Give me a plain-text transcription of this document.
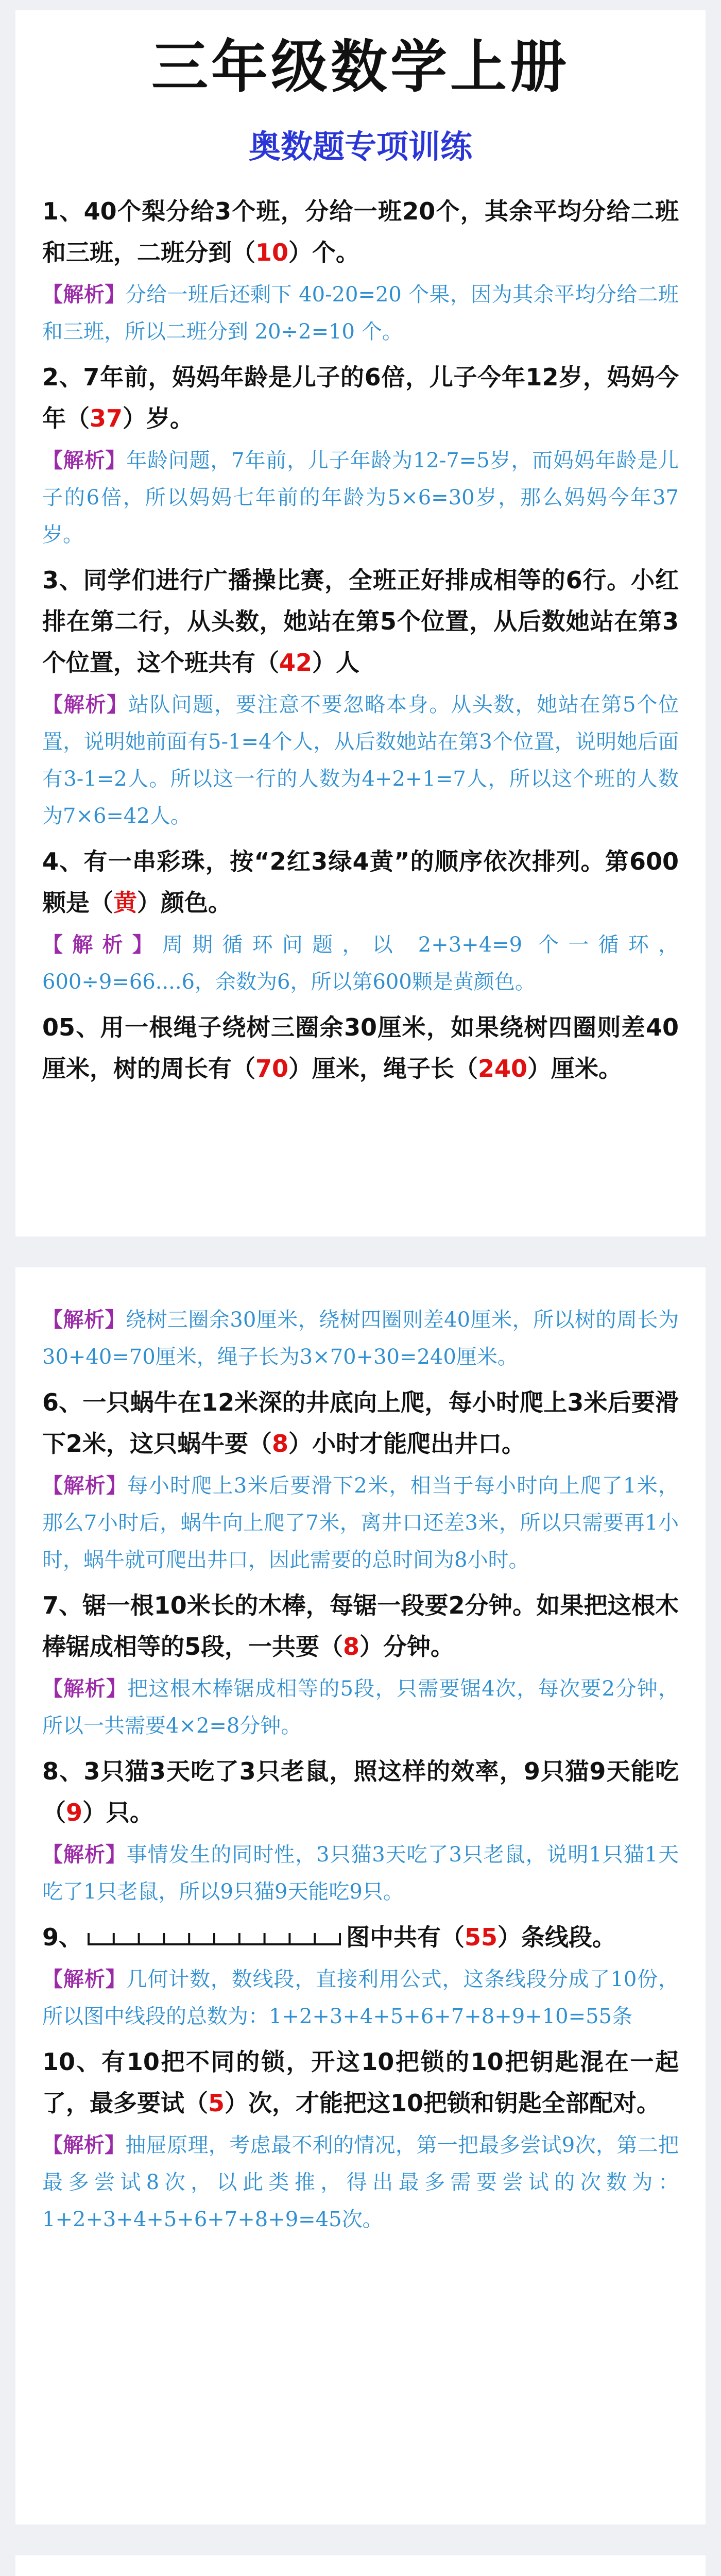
三年级数学上册
奥数题专项训练
1、40个梨分给3个班，分给一班20个，其余平均分给二班和三班，二班分到（10）个。
【解析】分给一班后还剩下 40-20=20 个果，因为其余平均分给二班和三班，所以二班分到 20÷2=10 个。
2、7年前，妈妈年龄是儿子的6倍，儿子今年12岁，妈妈今年（37）岁。
【解析】年龄问题，7年前，儿子年龄为12-7=5岁，而妈妈年龄是儿子的6倍，所以妈妈七年前的年龄为5×6=30岁，那么妈妈今年37岁。
3、同学们进行广播操比赛，全班正好排成相等的6行。小红排在第二行，从头数，她站在第5个位置，从后数她站在第3个位置，这个班共有（42）人
【解析】站队问题，要注意不要忽略本身。从头数，她站在第5个位置，说明她前面有5-1=4个人，从后数她站在第3个位置，说明她后面有3-1=2人。所以这一行的人数为4+2+1=7人，所以这个班的人数为7×6=42人。
4、有一串彩珠，按“2红3绿4黄”的顺序依次排列。第600颗是（黄）颜色。
【解析】周期循环问题，以 2+3+4=9 个一循环，600÷9=66....6，余数为6，所以第600颗是黄颜色。
05、用一根绳子绕树三圈余30厘米，如果绕树四圈则差40厘米，树的周长有（70）厘米，绳子长（240）厘米。
【解析】绕树三圈余30厘米，绕树四圈则差40厘米，所以树的周长为30+40=70厘米，绳子长为3×70+30=240厘米。
6、一只蜗牛在12米深的井底向上爬，每小时爬上3米后要滑下2米，这只蜗牛要（8）小时才能爬出井口。
【解析】每小时爬上3米后要滑下2米，相当于每小时向上爬了1米，那么7小时后，蜗牛向上爬了7米，离井口还差3米，所以只需要再1小时，蜗牛就可爬出井口，因此需要的总时间为8小时。
7、锯一根10米长的木棒，每锯一段要2分钟。如果把这根木棒锯成相等的5段，一共要（8）分钟。
【解析】把这根木棒锯成相等的5段，只需要锯4次，每次要2分钟，所以一共需要4×2=8分钟。
8、3只猫3天吃了3只老鼠，照这样的效率，9只猫9天能吃（9）只。
【解析】事情发生的同时性，3只猫3天吃了3只老鼠，说明1只猫1天吃了1只老鼠，所以9只猫9天能吃9只。
9、	图中共有（55）条线段。
【解析】几何计数，数线段，直接利用公式，这条线段分成了10份，所以图中线段的总数为：1+2+3+4+5+6+7+8+9+10=55条
10、有10把不同的锁，开这10把锁的10把钥匙混在一起了，最多要试（5）次，才能把这10把锁和钥匙全部配对。
【解析】抽屉原理，考虑最不利的情况，第一把最多尝试9次，第二把最多尝试8次，以此类推，得出最多需要尝试的次数为：1+2+3+4+5+6+7+8+9=45次。
